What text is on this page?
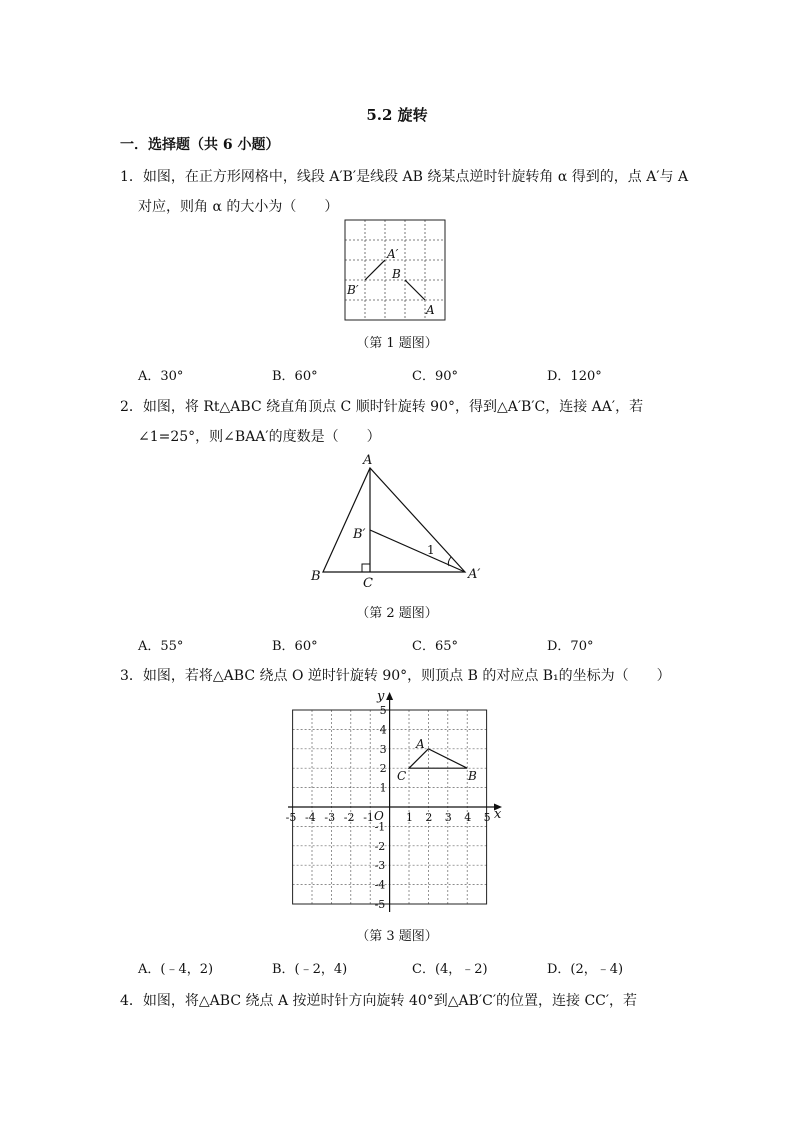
5.2 旋转
一．选择题（共 6 小题）
1．如图，在正方形网格中，线段 A′B′是线段 AB 绕某点逆时针旋转角 α 得到的，点 A′与 A
对应，则角 α 的大小为（　　）
A′
B
B′
A
（第 1 题图）
A．30°	B．60°	C．90°	D．120°
2．如图，将 Rt△ABC 绕直角顶点 C 顺时针旋转 90°，得到△A′B′C，连接 AA′，若
∠1=25°，则∠BAA′的度数是（　　）
A
B′
B	C
A′
1
（第 2 题图）
A．55°	B．60°	C．65°	D．70°
3．如图，若将△ABC 绕点 O 逆时针旋转 90°，则顶点 B 的对应点 B₁的坐标为（　　）
x
y
O
-5 -4 -3 -2 -1	1 2 3 4 5
5
4
3
2
1
-1
-2
-3
-4
-5
A
C	B
（第 3 题图）
A．(﹣4，2)	B．(﹣2，4)	C．(4，﹣2)	D．(2，﹣4)
4．如图，将△ABC 绕点 A 按逆时针方向旋转 40°到△AB′C′的位置，连接 CC′，若
